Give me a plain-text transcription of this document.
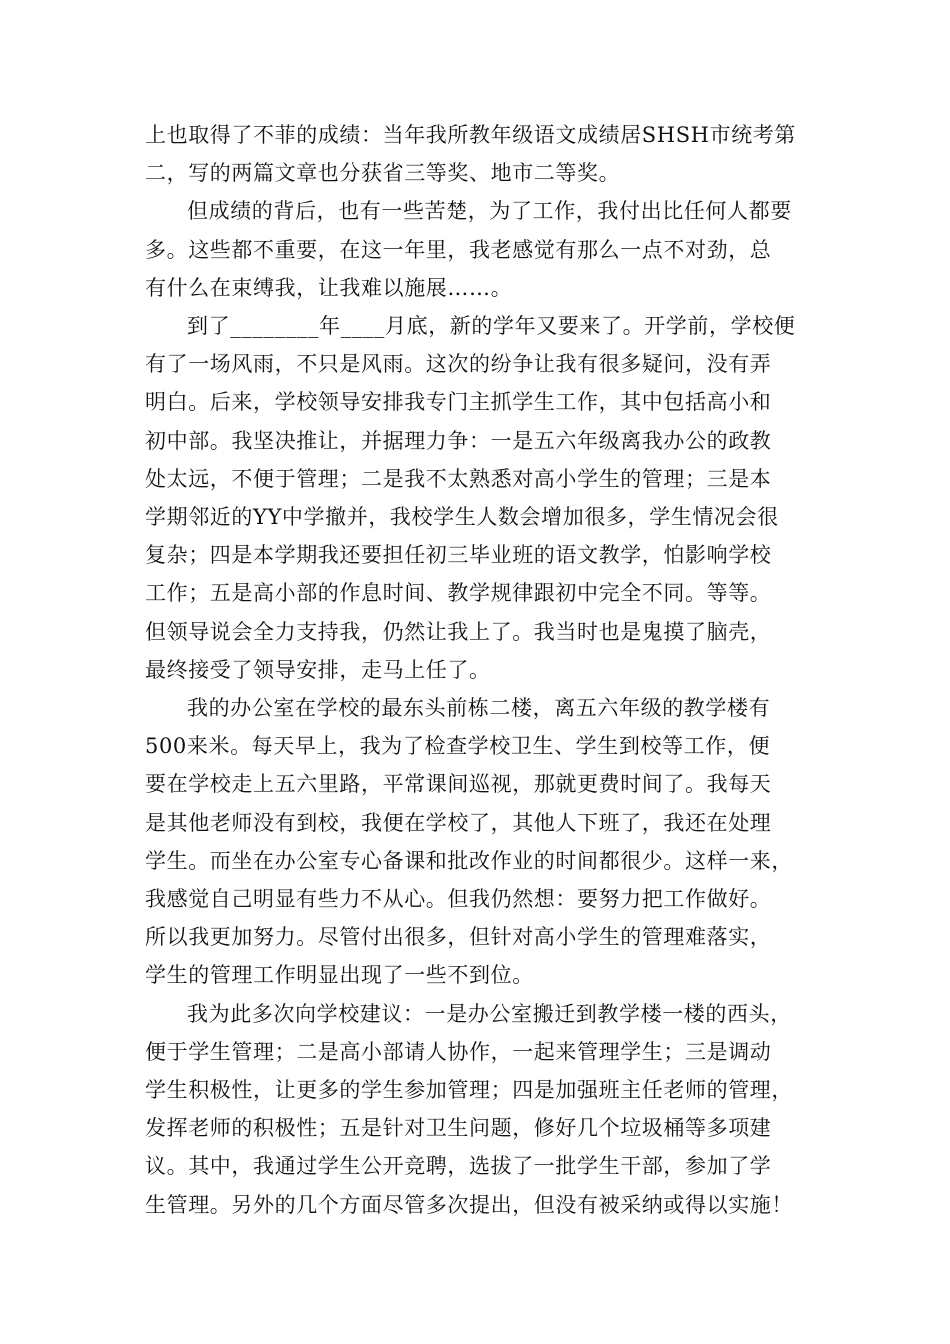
上也取得了不菲的成绩：当年我所教年级语文成绩居SHSH市统考第
二，写的两篇文章也分获省三等奖、地市二等奖。
但成绩的背后，也有一些苦楚，为了工作，我付出比任何人都要
多。这些都不重要，在这一年里，我老感觉有那么一点不对劲，总
有什么在束缚我，让我难以施展……。
到了________年____月底，新的学年又要来了。开学前，学校便
有了一场风雨，不只是风雨。这次的纷争让我有很多疑问，没有弄
明白。后来，学校领导安排我专门主抓学生工作，其中包括高小和
初中部。我坚决推让，并据理力争：一是五六年级离我办公的政教
处太远，不便于管理；二是我不太熟悉对高小学生的管理；三是本
学期邻近的YY中学撤并，我校学生人数会增加很多，学生情况会很
复杂；四是本学期我还要担任初三毕业班的语文教学，怕影响学校
工作；五是高小部的作息时间、教学规律跟初中完全不同。等等。
但领导说会全力支持我，仍然让我上了。我当时也是鬼摸了脑壳，
最终接受了领导安排，走马上任了。
我的办公室在学校的最东头前栋二楼，离五六年级的教学楼有
500来米。每天早上，我为了检查学校卫生、学生到校等工作，便
要在学校走上五六里路，平常课间巡视，那就更费时间了。我每天
是其他老师没有到校，我便在学校了，其他人下班了，我还在处理
学生。而坐在办公室专心备课和批改作业的时间都很少。这样一来，
我感觉自己明显有些力不从心。但我仍然想：要努力把工作做好。
所以我更加努力。尽管付出很多，但针对高小学生的管理难落实，
学生的管理工作明显出现了一些不到位。
我为此多次向学校建议：一是办公室搬迁到教学楼一楼的西头，
便于学生管理；二是高小部请人协作，一起来管理学生；三是调动
学生积极性，让更多的学生参加管理；四是加强班主任老师的管理，
发挥老师的积极性；五是针对卫生问题，修好几个垃圾桶等多项建
议。其中，我通过学生公开竞聘，选拔了一批学生干部，参加了学
生管理。另外的几个方面尽管多次提出，但没有被采纳或得以实施！
